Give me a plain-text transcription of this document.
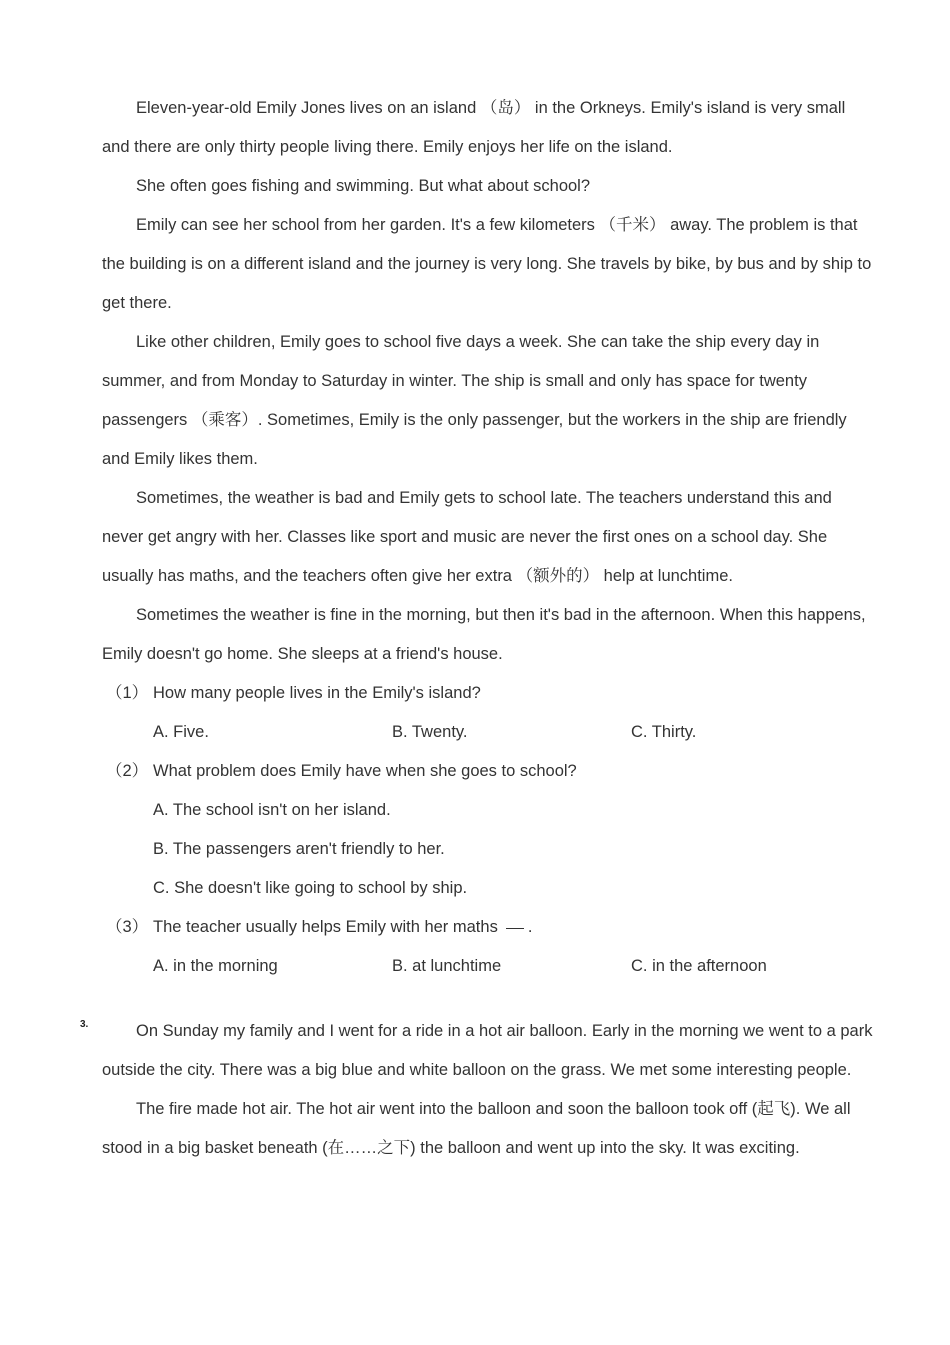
Eleven-year-old Emily Jones lives on an island （岛） in the Orkneys. Emily's island is very small and there are only thirty people living there. Emily enjoys her life on the island.

She often goes fishing and swimming. But what about school?

Emily can see her school from her garden. It's a few kilometers （千米） away. The problem is that the building is on a different island and the journey is very long. She travels by bike, by bus and by ship to get there.

Like other children, Emily goes to school five days a week. She can take the ship every day in summer, and from Monday to Saturday in winter. The ship is small and only has space for twenty passengers （乘客）. Sometimes, Emily is the only passenger, but the workers in the ship are friendly and Emily likes them.

Sometimes, the weather is bad and Emily gets to school late. The teachers understand this and never get angry with her. Classes like sport and music are never the first ones on a school day. She usually has maths, and the teachers often give her extra （额外的） help at lunchtime.

Sometimes the weather is fine in the morning, but then it's bad in the afternoon. When this happens, Emily doesn't go home. She sleeps at a friend's house.

（1） How many people lives in the Emily's island?
A. Five.	B. Twenty.	C. Thirty.
（2） What problem does Emily have when she goes to school?
A. The school isn't on her island.
B. The passengers aren't friendly to her.
C. She doesn't like going to school by ship.
（3） The teacher usually helps Emily with her maths .
A. in the morning	B. at lunchtime	C. in the afternoon
3.	On Sunday my family and I went for a ride in a hot air balloon. Early in the morning we went to a park outside the city. There was a big blue and white balloon on the grass. We met some interesting people.

The fire made hot air. The hot air went into the balloon and soon the balloon took off (起飞). We all stood in a big basket beneath (在……之下) the balloon and went up into the sky. It was exciting.
